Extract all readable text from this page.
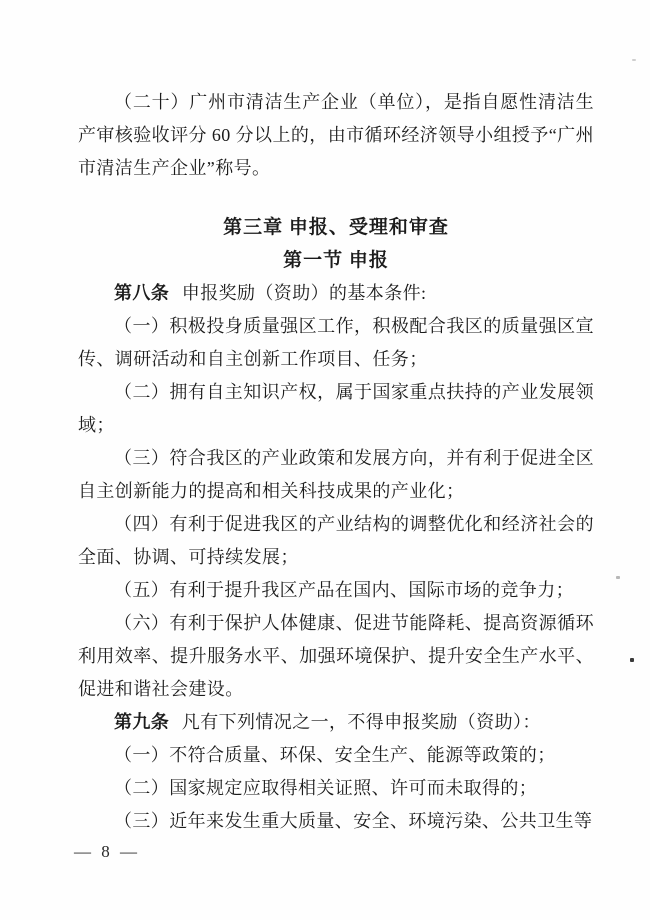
（二十）广州市清洁生产企业（单位），是指自愿性清洁生产审核验收评分 60 分以上的，由市循环经济领导小组授予“广州市清洁生产企业”称号。

第三章 申报、受理和审查

第一节 申报

第八条 申报奖励（资助）的基本条件:

（一）积极投身质量强区工作，积极配合我区的质量强区宣传、调研活动和自主创新工作项目、任务；

（二）拥有自主知识产权，属于国家重点扶持的产业发展领域；

（三）符合我区的产业政策和发展方向，并有利于促进全区自主创新能力的提高和相关科技成果的产业化；

（四）有利于促进我区的产业结构的调整优化和经济社会的全面、协调、可持续发展；

（五）有利于提升我区产品在国内、国际市场的竞争力；

（六）有利于保护人体健康、促进节能降耗、提高资源循环利用效率、提升服务水平、加强环境保护、提升安全生产水平、促进和谐社会建设。

第九条 凡有下列情况之一，不得申报奖励（资助）：

（一）不符合质量、环保、安全生产、能源等政策的；

（二）国家规定应取得相关证照、许可而未取得的；

（三）近年来发生重大质量、安全、环境污染、公共卫生等

— 8 —
